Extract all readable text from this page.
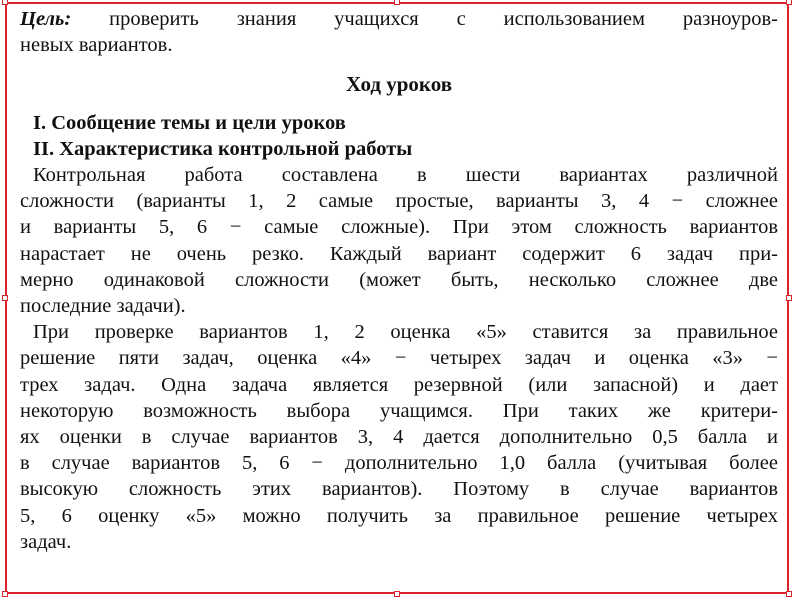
Цель: проверить знания учащихся с использованием разноуров-
невых вариантов.
Ход уроков
I. Сообщение темы и цели уроков
II. Характеристика контрольной работы
Контрольная работа составлена в шести вариантах различной
сложности (варианты 1, 2 самые простые, варианты 3, 4 − сложнее
и варианты 5, 6 − самые сложные). При этом сложность вариантов
нарастает не очень резко. Каждый вариант содержит 6 задач при-
мерно одинаковой сложности (может быть, несколько сложнее две
последние задачи).
При проверке вариантов 1, 2 оценка «5» ставится за правильное
решение пяти задач, оценка «4» − четырех задач и оценка «3» −
трех задач. Одна задача является резервной (или запасной) и дает
некоторую возможность выбора учащимся. При таких же критери-
ях оценки в случае вариантов 3, 4 дается дополнительно 0,5 балла и
в случае вариантов 5, 6 − дополнительно 1,0 балла (учитывая более
высокую сложность этих вариантов). Поэтому в случае вариантов
5, 6 оценку «5» можно получить за правильное решение четырех
задач.
